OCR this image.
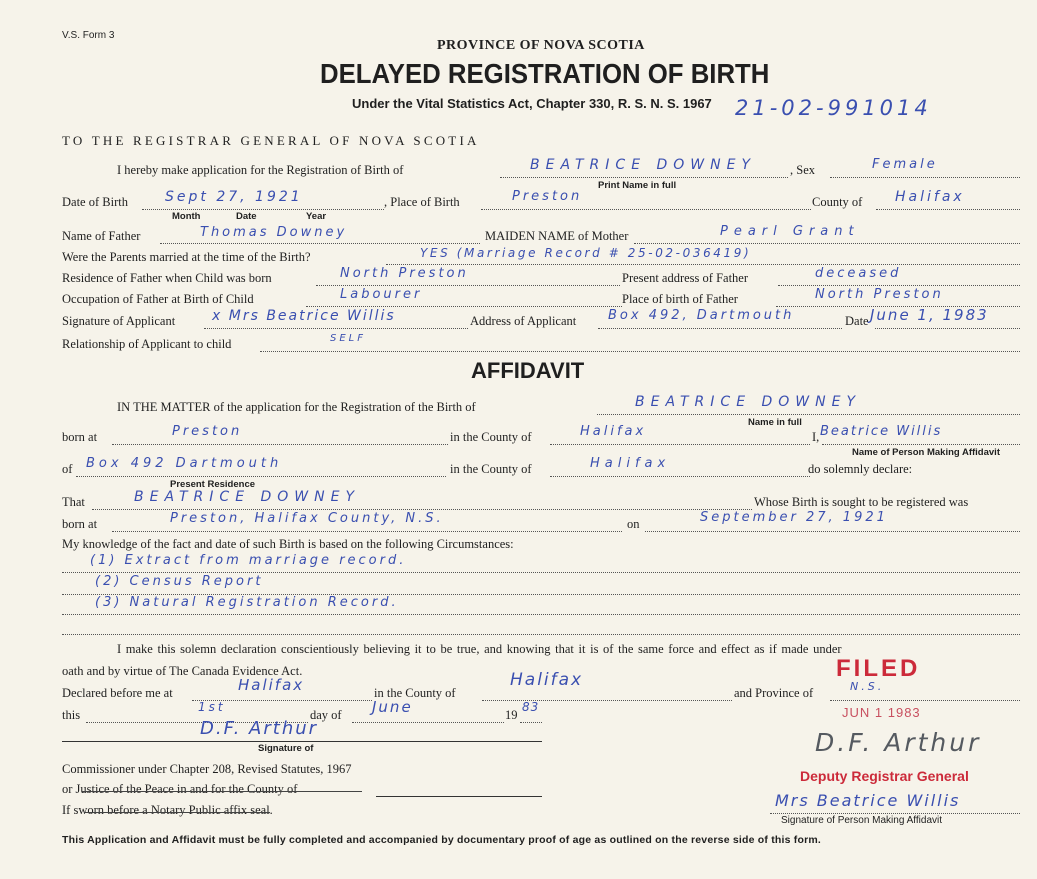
V.S. Form 3
PROVINCE OF NOVA SCOTIA
DELAYED REGISTRATION OF BIRTH
Under the Vital Statistics Act, Chapter 330, R. S. N. S. 1967 21-02-991014
TO THE REGISTRAR GENERAL OF NOVA SCOTIA
I hereby make application for the Registration of Birth of	BEATRICE DOWNEY
Print Name in full
, Sex	Female
Date of Birth	Sept 27, 1921
Month	Date	Year
, Place of Birth	Preston	County of Halifax
Name of Father	Thomas Downey	MAIDEN NAME of Mother	Pearl Grant
Were the Parents married at the time of the Birth?	YES (Marriage Record # 25-02-036419)
Residence of Father when Child was born	North Preston	Present address of Father	deceased
Occupation of Father at Birth of Child	Labourer	Place of birth of Father	North Preston
Signature of Applicant	x Mrs Beatrice Willis	Address of Applicant Box 492, Dartmouth	Date June 1, 1983
Relationship of Applicant to child	SELF
AFFIDAVIT
IN THE MATTER of the application for the Registration of the Birth of	BEATRICE DOWNEY
Name in full
born at	Preston	in the County of	Halifax	I, Beatrice Willis
Name of Person Making Affidavit
of Box 492 Dartmouth
Present Residence
in the County of	Halifax	do solemnly declare:
That	BEATRICE DOWNEY	Whose Birth is sought to be registered was
born at	Preston, Halifax County, N.S.	on	September 27, 1921
My knowledge of the fact and date of such Birth is based on the following Circumstances:
(1) Extract from marriage record.
(2) Census Report
(3) Natural Registration Record.
I make this solemn declaration conscientiously believing it to be true, and knowing that it is of the same force and effect as if made under
oath and by virtue of The Canada Evidence Act.
Declared before me at	Halifax	in the County of
Halifax
and Province of	N.S.
this
1st
day of June	19
83
D.F. Arthur
Signature of
Commissioner under Chapter 208, Revised Statutes, 1967
or Justice of the Peace in and for the County of
If sworn before a Notary Public affix seal.
FILED
JUN 1 1983
D.F. Arthur
Deputy Registrar General
Mrs Beatrice Willis
Signature of Person Making Affidavit
This Application and Affidavit must be fully completed and accompanied by documentary proof of age as outlined on the reverse side of this form.
